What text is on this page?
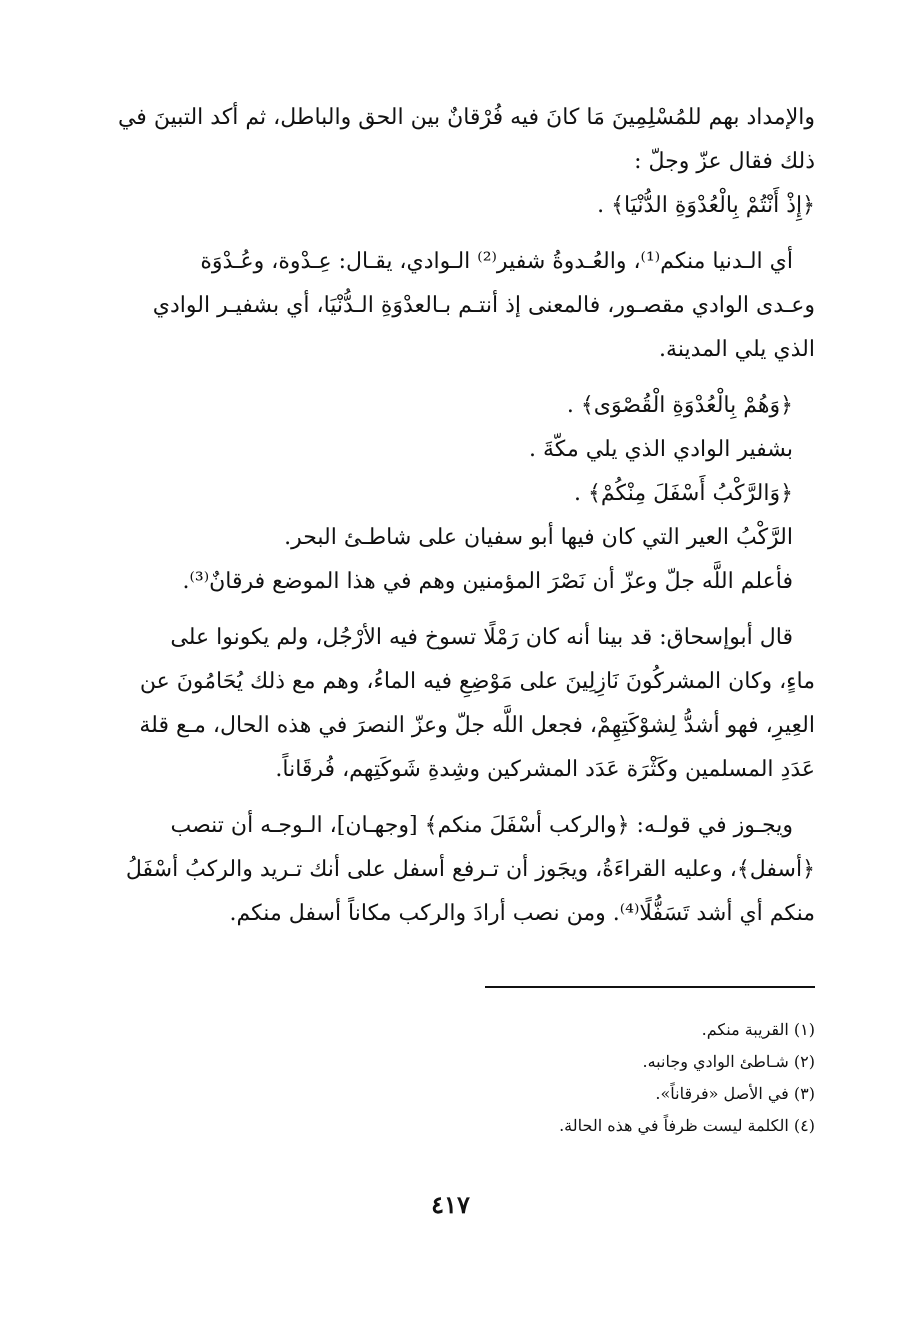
والإمداد بهم للمُسْلِمِينَ مَا كانَ فيه فُرْقانٌ بين الحق والباطل، ثم أكد التبينَ في

ذلك فقال عزّ وجلّ :

﴿إِذْ أَنْتُمْ بِالْعُدْوَةِ الدُّنْيَا﴾ .

أي الـدنيا منكم⁽¹⁾، والعُـدوةُ شفير⁽²⁾ الـوادي، يقـال: عِـدْوة، وعُـدْوَة

وعـدى الوادي مقصـور، فالمعنى إذ أنتـم بـالعدْوَةِ الـدُّنْيَا، أي بشفيـر الوادي

الذي يلي المدينة.

﴿وَهُمْ بِالْعُدْوَةِ الْقُصْوَى﴾ .

بشفير الوادي الذي يلي مكّةَ .

﴿وَالرَّكْبُ أَسْفَلَ مِنْكُمْ﴾ .

الرَّكْبُ العير التي كان فيها أبو سفيان على شاطـئ البحر.

فأعلم اللَّه جلّ وعزّ أن نَصْرَ المؤمنين وهم في هذا الموضع فرقانٌ⁽³⁾.

قال أبوإسحاق: قد بينا أنه كان رَمْلًا تسوخ فيه الأرْجُل، ولم يكونوا على

ماءٍ، وكان المشركُونَ نَازِلِينَ على مَوْضِعِ فيه الماءُ، وهم مع ذلك يُحَامُونَ عن

العِيرِ، فهو أشدُّ لِشوْكَتِهِمْ، فجعل اللَّه جلّ وعزّ النصرَ في هذه الحال، مـع قلة

عَدَدِ المسلمين وكَثْرَة عَدَد المشركين وشِدةِ شَوكَتِهم، فُرقَاناً.

ويجـوز في قولـه: ﴿والركب أسْفَلَ منكم﴾ [وجهـان]، الـوجـه أن تنصب

﴿أسفل﴾، وعليه القراءَةُ، ويجَوز أن تـرفع أسفل على أنك تـريد والركبُ أسْفَلُ

منكم أي أشد تَسَفُّلًا⁽⁴⁾. ومن نصب أرادَ والركب مكاناً أسفل منكم.

(١) القريبة منكم.

(٢) شـاطئ الوادي وجانبه.

(٣) في الأصل «فرقاناً».

(٤) الكلمة ليست ظرفاً في هذه الحالة.

٤١٧
